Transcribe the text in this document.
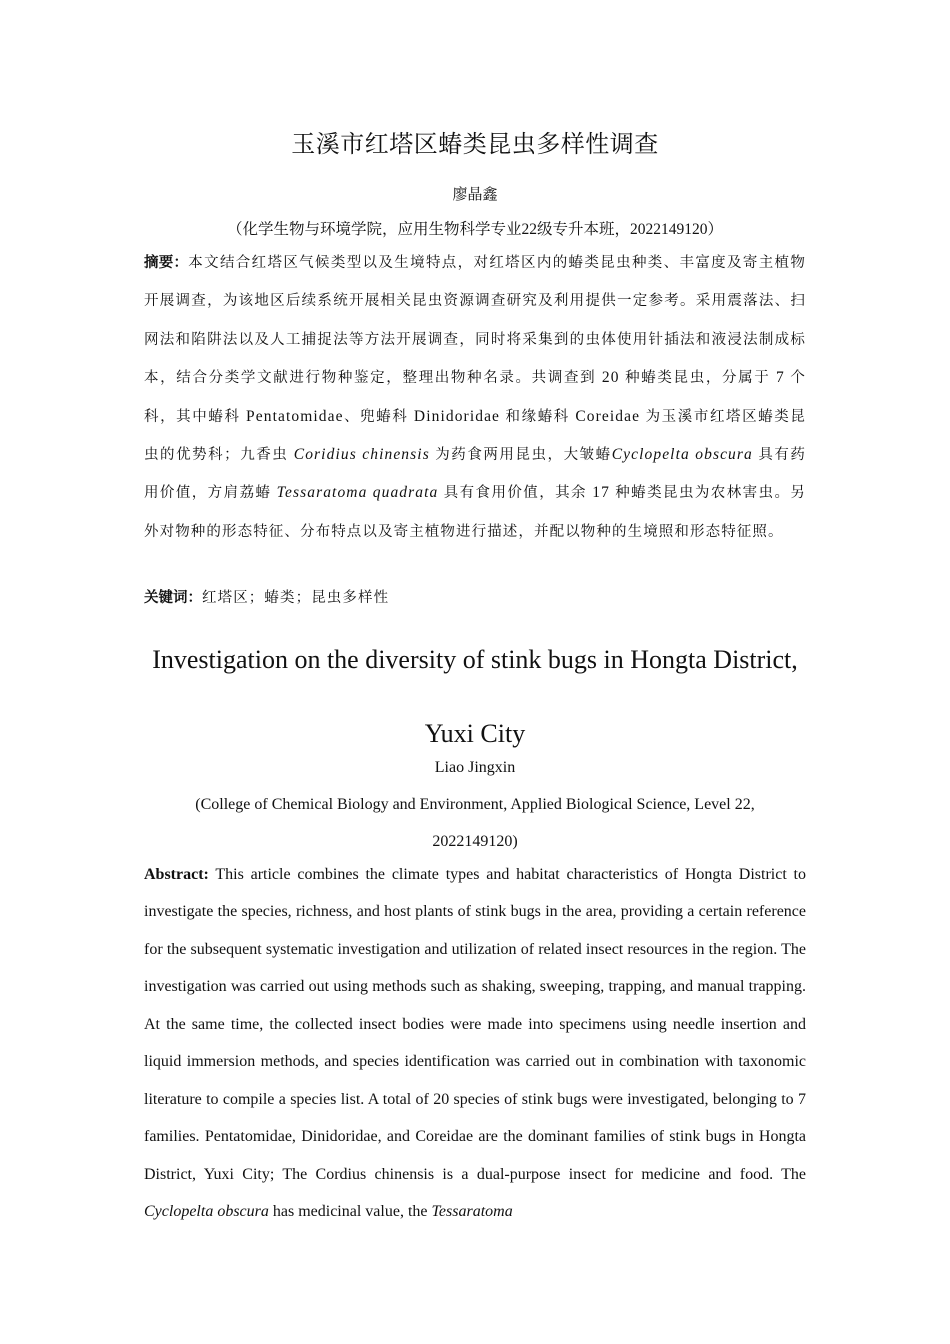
玉溪市红塔区蝽类昆虫多样性调查
廖晶鑫
（化学生物与环境学院，应用生物科学专业22级专升本班，2022149120）

摘要：本文结合红塔区气候类型以及生境特点，对红塔区内的蝽类昆虫种类、丰富度及寄主植物开展调查，为该地区后续系统开展相关昆虫资源调查研究及利用提供一定参考。采用震落法、扫网法和陷阱法以及人工捕捉法等方法开展调查，同时将采集到的虫体使用针插法和液浸法制成标本，结合分类学文献进行物种鉴定，整理出物种名录。共调查到 20 种蝽类昆虫，分属于 7 个科，其中蝽科 Pentatomidae、兜蝽科 Dinidoridae 和缘蝽科 Coreidae 为玉溪市红塔区蝽类昆虫的优势科；九香虫 Coridius chinensis 为药食两用昆虫，大皱蝽Cyclopelta obscura 具有药用价值，方肩荔蝽 Tessaratoma quadrata 具有食用价值，其余 17 种蝽类昆虫为农林害虫。另外对物种的形态特征、分布特点以及寄主植物进行描述，并配以物种的生境照和形态特征照。

关键词：红塔区；蝽类；昆虫多样性

Investigation on the diversity of stink bugs in Hongta District,
Yuxi City
Liao Jingxin
(College of Chemical Biology and Environment, Applied Biological Science, Level 22,
2022149120)

Abstract: This article combines the climate types and habitat characteristics of Hongta District to investigate the species, richness, and host plants of stink bugs in the area, providing a certain reference for the subsequent systematic investigation and utilization of related insect resources in the region. The investigation was carried out using methods such as shaking, sweeping, trapping, and manual trapping. At the same time, the collected insect bodies were made into specimens using needle insertion and liquid immersion methods, and species identification was carried out in combination with taxonomic literature to compile a species list. A total of 20 species of stink bugs were investigated, belonging to 7 families. Pentatomidae, Dinidoridae, and Coreidae are the dominant families of stink bugs in Hongta District, Yuxi City; The Cordius chinensis is a dual-purpose insect for medicine and food. The Cyclopelta obscura has medicinal value, the Tessaratoma
